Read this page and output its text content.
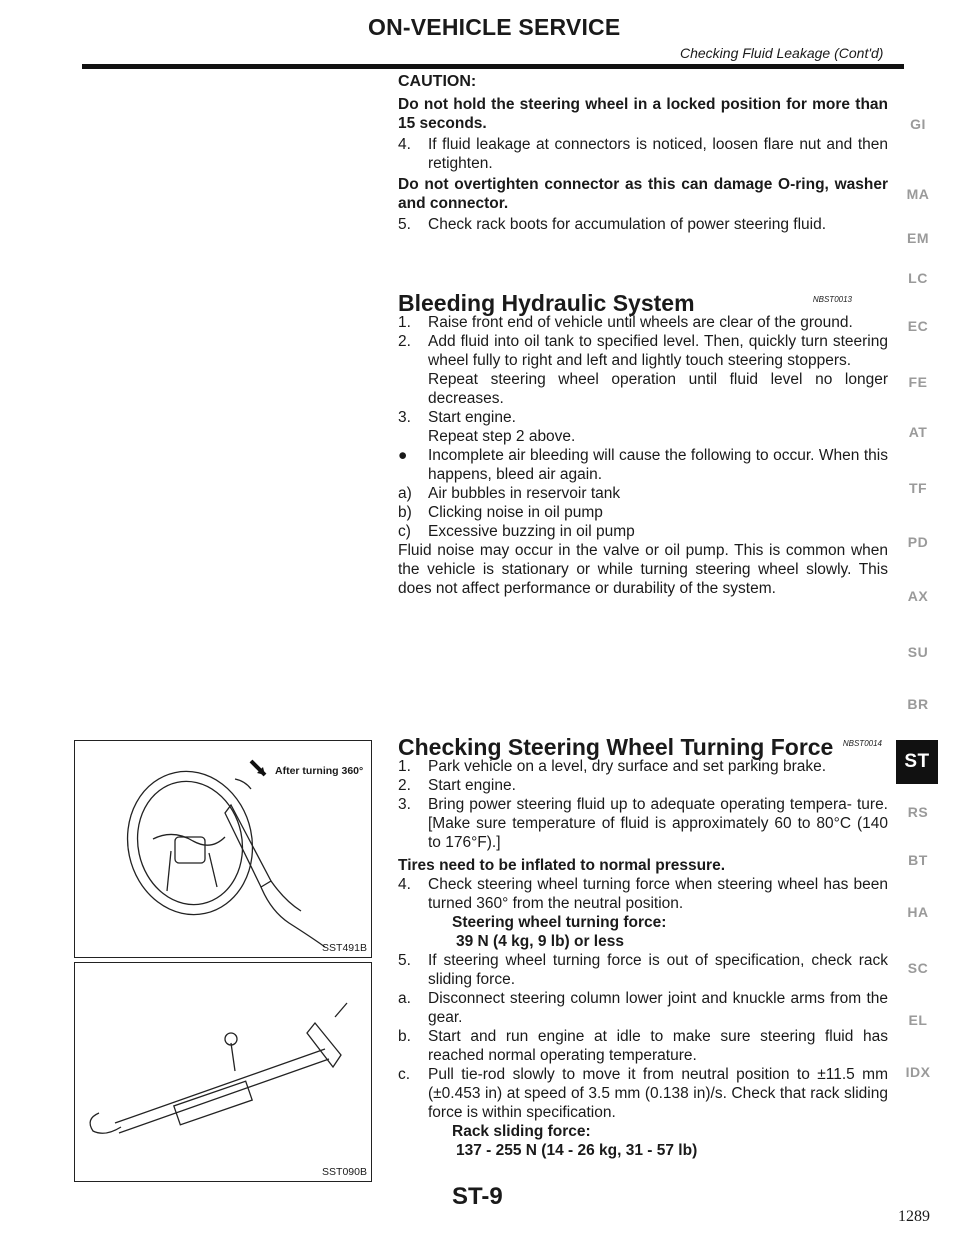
ON-VEHICLE SERVICE
Checking Fluid Leakage (Cont'd)

CAUTION:

Do not hold the steering wheel in a locked position for more than 15 seconds.

4.	If fluid leakage at connectors is noticed, loosen flare nut and then retighten.

Do not overtighten connector as this can damage O-ring, washer and connector.

5.	Check rack boots for accumulation of power steering fluid.
Bleeding Hydraulic System	NBST0013
1.	Raise front end of vehicle until wheels are clear of the ground.
2.	Add fluid into oil tank to specified level. Then, quickly turn steering wheel fully to right and left and lightly touch steering stoppers.
Repeat steering wheel operation until fluid level no longer decreases.
3.	Start engine.
Repeat step 2 above.
●	Incomplete air bleeding will cause the following to occur. When this happens, bleed air again.
a)	Air bubbles in reservoir tank
b)	Clicking noise in oil pump
c)	Excessive buzzing in oil pump

Fluid noise may occur in the valve or oil pump. This is common when the vehicle is stationary or while turning steering wheel slowly. This does not affect performance or durability of the system.

Checking Steering Wheel Turning Force NBST0014
1.	Park vehicle on a level, dry surface and set parking brake.
2.	Start engine.
3.	Bring power steering fluid up to adequate operating tempera- ture. [Make sure temperature of fluid is approximately 60 to 80°C (140 to 176°F).]

Tires need to be inflated to normal pressure.

4.	Check steering wheel turning force when steering wheel has been turned 360° from the neutral position.

Steering wheel turning force:

39 N (4 kg, 9 lb) or less

5.	If steering wheel turning force is out of specification, check rack sliding force.
a.	Disconnect steering column lower joint and knuckle arms from the gear.
b.	Start and run engine at idle to make sure steering fluid has reached normal operating temperature.
c.	Pull tie-rod slowly to move it from neutral position to ±11.5 mm (±0.453 in) at speed of 3.5 mm (0.138 in)/s. Check that rack sliding force is within specification.

Rack sliding force:

137 - 255 N (14 - 26 kg, 31 - 57 lb)

After turning 360°
SST491B
SST090B
GI
MA
EM
LC
EC
FE
AT
TF
PD
AX
SU
BR
ST
RS
BT
HA
SC
EL
IDX
ST-9
1289
